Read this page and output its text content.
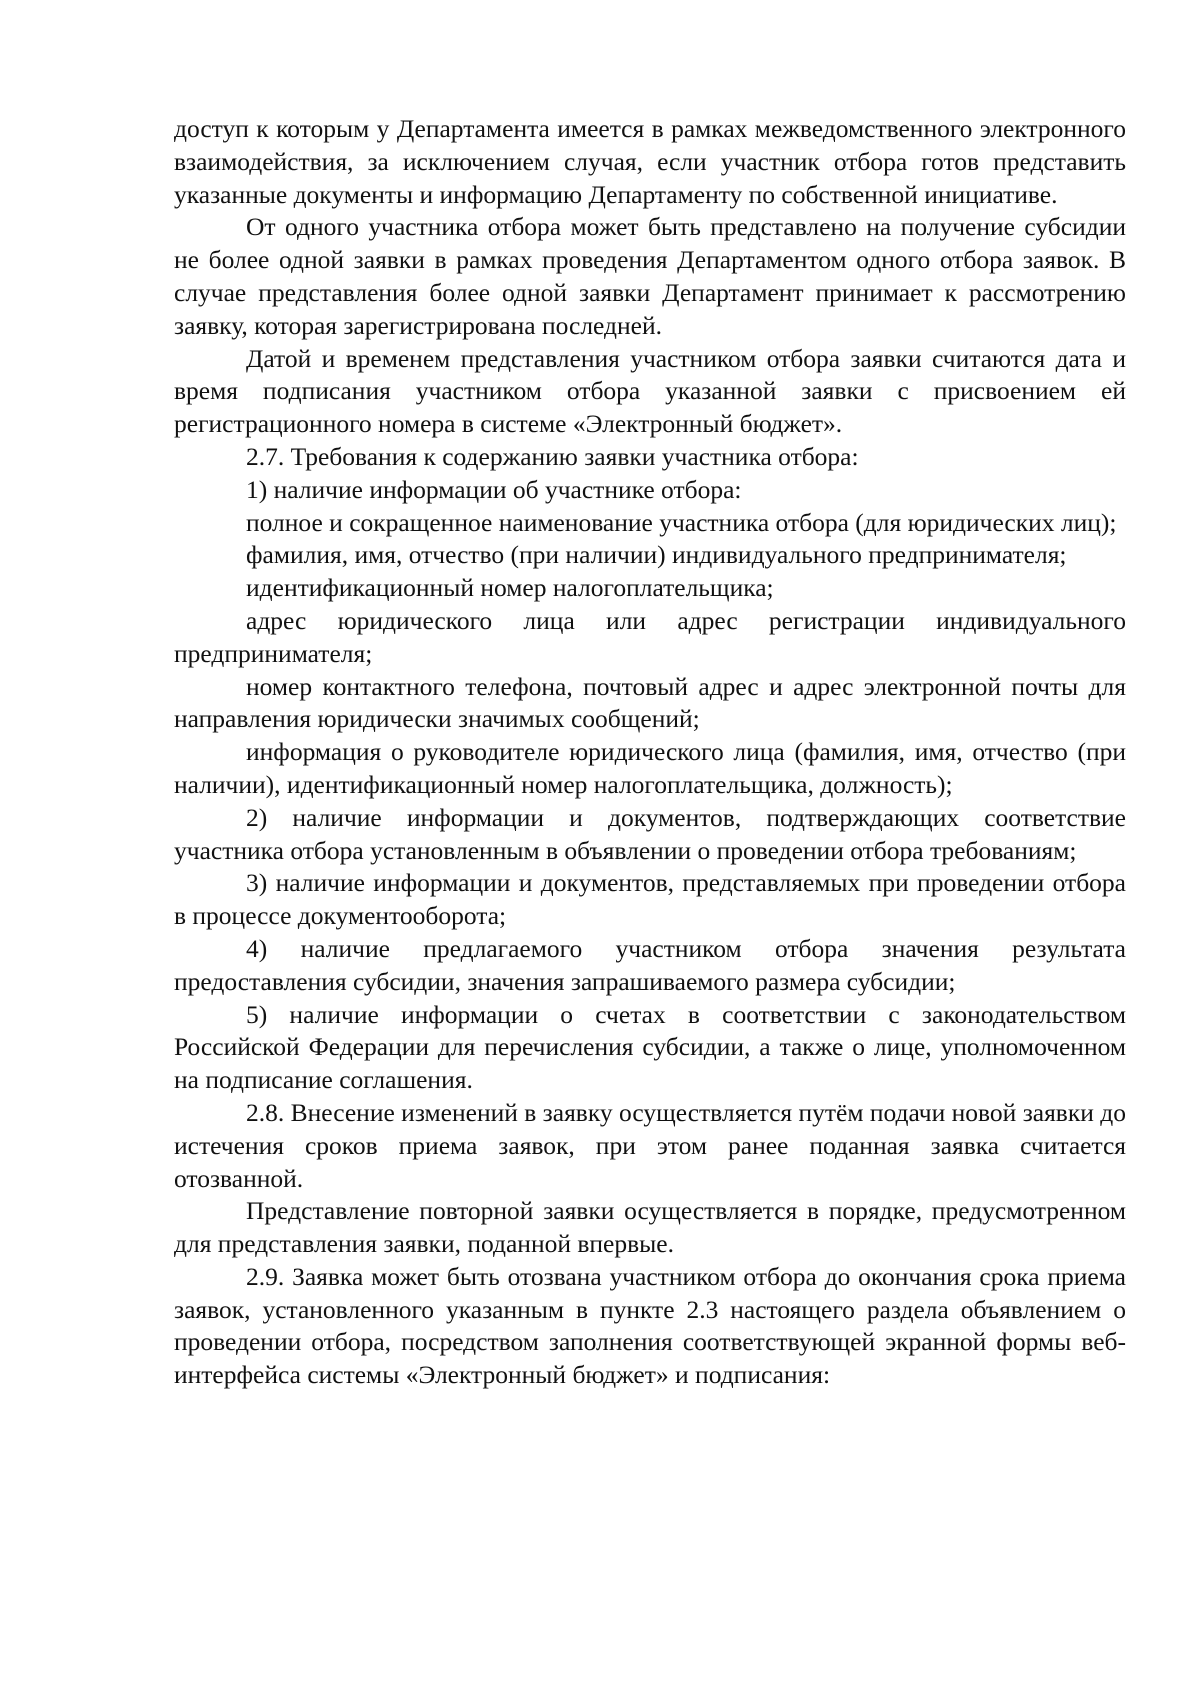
доступ к которым у Департамента имеется в рамках межведомственного электронного взаимодействия, за исключением случая, если участник отбора готов представить указанные документы и информацию Департаменту по собственной инициативе.

От одного участника отбора может быть представлено на получение субсидии не более одной заявки в рамках проведения Департаментом одного отбора заявок. В случае представления более одной заявки Департамент принимает к рассмотрению заявку, которая зарегистрирована последней.

Датой и временем представления участником отбора заявки считаются дата и время подписания участником отбора указанной заявки с присвоением ей регистрационного номера в системе «Электронный бюджет».

2.7. Требования к содержанию заявки участника отбора:

1) наличие информации об участнике отбора:

полное и сокращенное наименование участника отбора (для юридических лиц);

фамилия, имя, отчество (при наличии) индивидуального предпринимателя;

идентификационный номер налогоплательщика;

адрес юридического лица или адрес регистрации индивидуального предпринимателя;

номер контактного телефона, почтовый адрес и адрес электронной почты для направления юридически значимых сообщений;

информация о руководителе юридического лица (фамилия, имя, отчество (при наличии), идентификационный номер налогоплательщика, должность);

2) наличие информации и документов, подтверждающих соответствие участника отбора установленным в объявлении о проведении отбора требованиям;

3) наличие информации и документов, представляемых при проведении отбора в процессе документооборота;

4) наличие предлагаемого участником отбора значения результата предоставления субсидии, значения запрашиваемого размера субсидии;

5) наличие информации о счетах в соответствии с законодательством Российской Федерации для перечисления субсидии, а также о лице, уполномоченном на подписание соглашения.

2.8. Внесение изменений в заявку осуществляется путём подачи новой заявки до истечения сроков приема заявок, при этом ранее поданная заявка считается отозванной.

Представление повторной заявки осуществляется в порядке, предусмотренном для представления заявки, поданной впервые.

2.9. Заявка может быть отозвана участником отбора до окончания срока приема заявок, установленного указанным в пункте 2.3 настоящего раздела объявлением о проведении отбора, посредством заполнения соответствующей экранной формы веб-интерфейса системы «Электронный бюджет» и подписания:
